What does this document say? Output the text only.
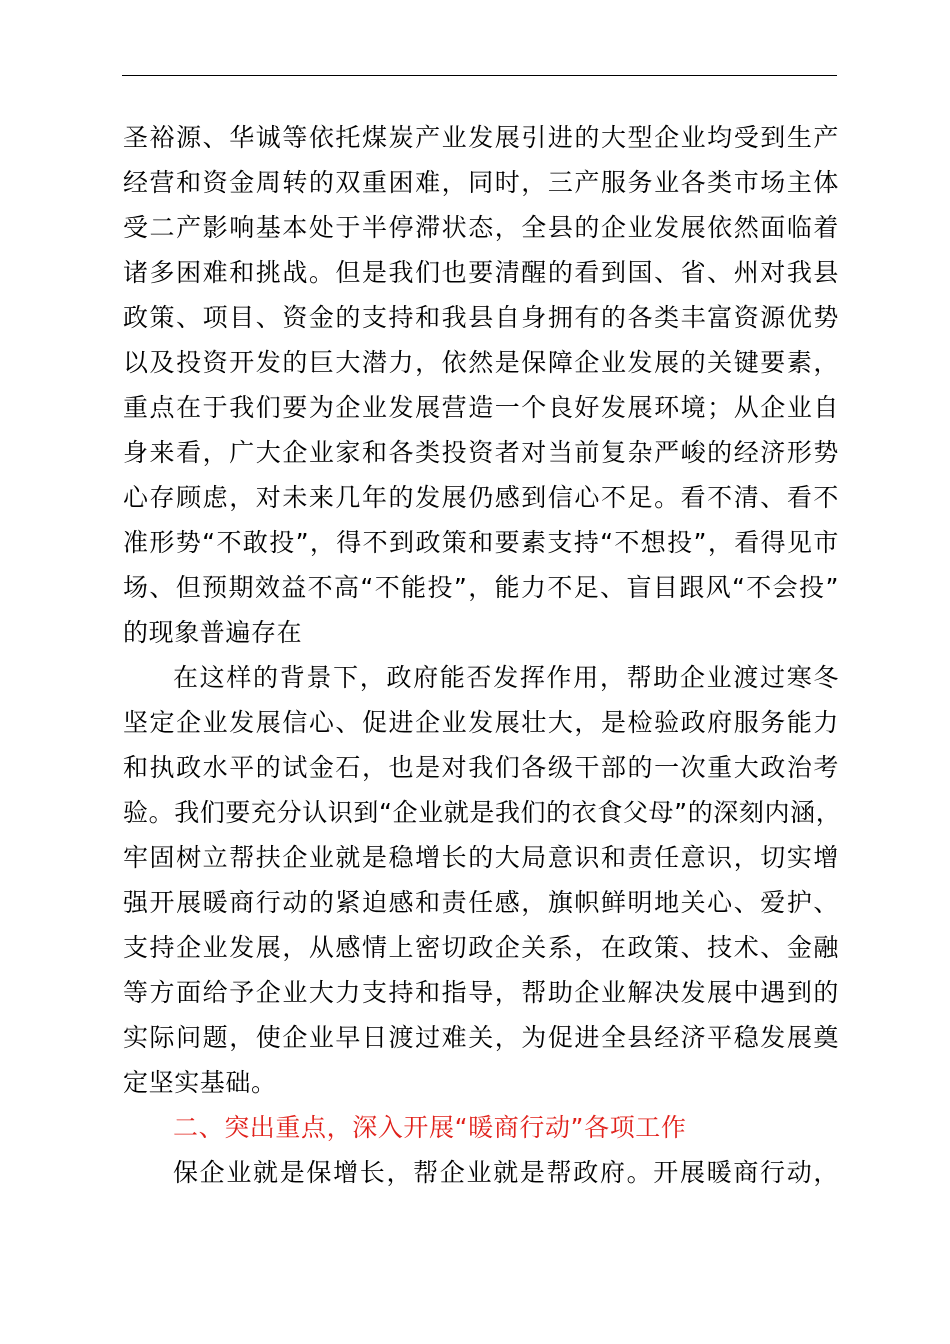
圣裕源、华诚等依托煤炭产业发展引进的大型企业均受到生产
经营和资金周转的双重困难，同时，三产服务业各类市场主体
受二产影响基本处于半停滞状态，全县的企业发展依然面临着
诸多困难和挑战。但是我们也要清醒的看到国、省、州对我县
政策、项目、资金的支持和我县自身拥有的各类丰富资源优势
以及投资开发的巨大潜力，依然是保障企业发展的关键要素，
重点在于我们要为企业发展营造一个良好发展环境；从企业自
身来看，广大企业家和各类投资者对当前复杂严峻的经济形势
心存顾虑，对未来几年的发展仍感到信心不足。看不清、看不
准形势“不敢投”，得不到政策和要素支持“不想投”，看得见市
场、但预期效益不高“不能投”，能力不足、盲目跟风“不会投”
的现象普遍存在
在这样的背景下，政府能否发挥作用，帮助企业渡过寒冬
坚定企业发展信心、促进企业发展壮大，是检验政府服务能力
和执政水平的试金石，也是对我们各级干部的一次重大政治考
验。我们要充分认识到“企业就是我们的衣食父母”的深刻内涵，
牢固树立帮扶企业就是稳增长的大局意识和责任意识，切实增
强开展暖商行动的紧迫感和责任感，旗帜鲜明地关心、爱护、
支持企业发展，从感情上密切政企关系，在政策、技术、金融
等方面给予企业大力支持和指导，帮助企业解决发展中遇到的
实际问题，使企业早日渡过难关，为促进全县经济平稳发展奠
定坚实基础。
二、突出重点，深入开展“暖商行动”各项工作
保企业就是保增长，帮企业就是帮政府。开展暖商行动，
